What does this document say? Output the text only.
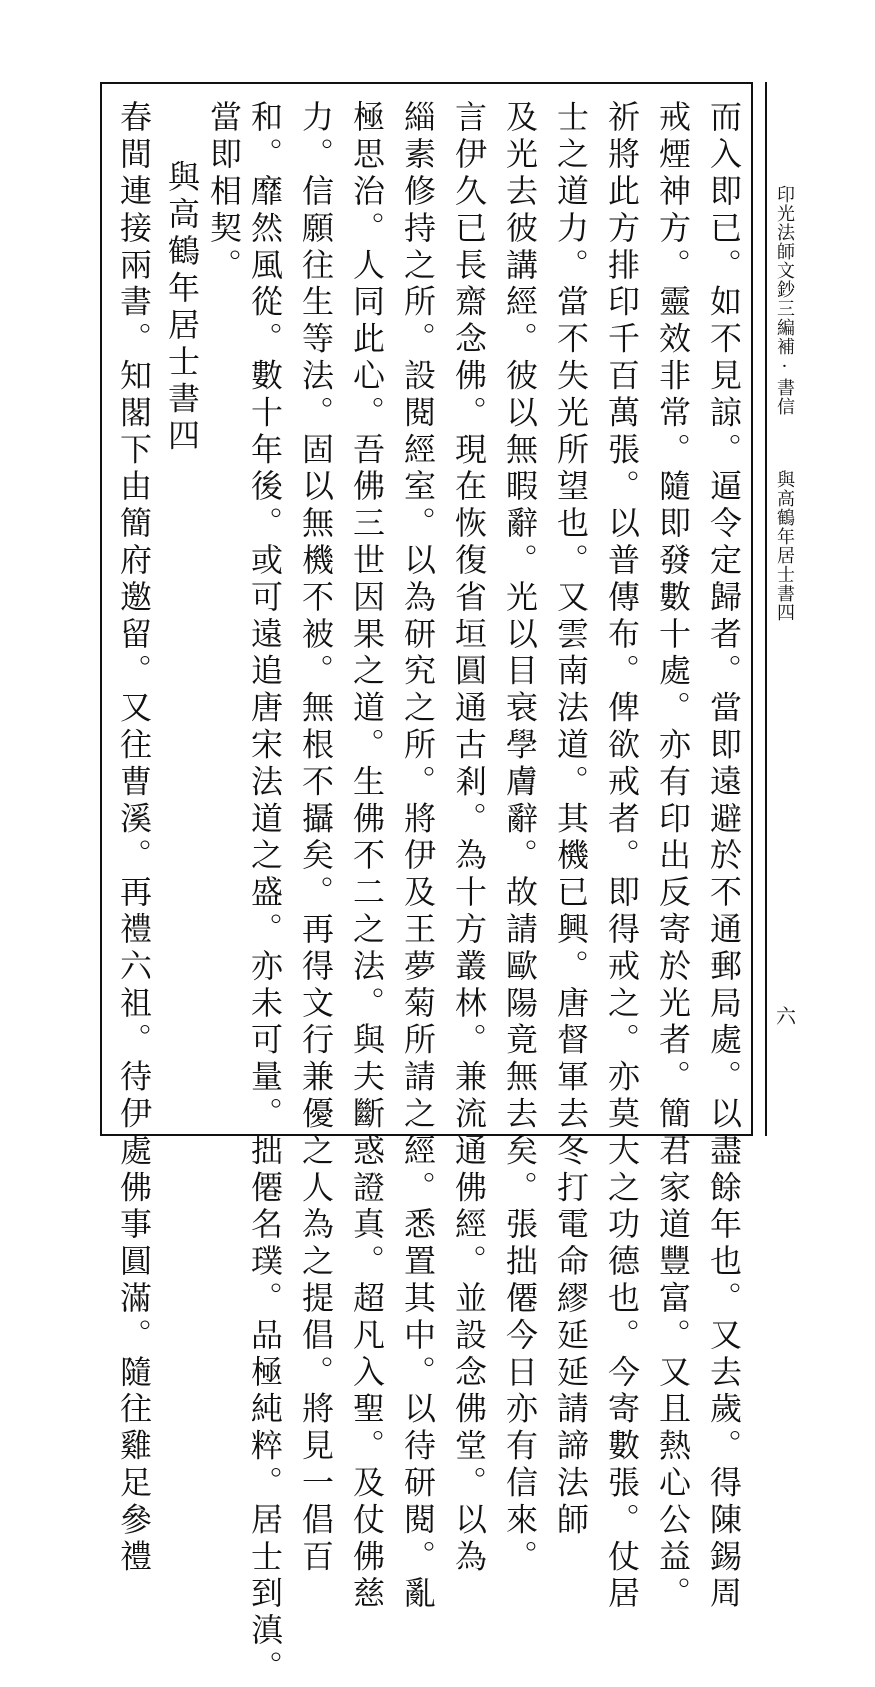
印光法師文鈔三編補·書信
與高鶴年居士書四
六
而入即已。如不見諒。逼令定歸者。當即遠避於不通郵局處。以盡餘年也。又去歲。得陳錫周
戒煙神方。靈效非常。隨即發數十處。亦有印出反寄於光者。簡君家道豐富。又且熱心公益。
祈將此方排印千百萬張。以普傳布。俾欲戒者。即得戒之。亦莫大之功德也。今寄數張。仗居
士之道力。當不失光所望也。又雲南法道。其機已興。唐督軍去冬打電命繆延延請諦法師
及光去彼講經。彼以無暇辭。光以目衰學膚辭。故請歐陽竟無去矣。張拙僊今日亦有信來。
言伊久已長齋念佛。現在恢復省垣圓通古剎。為十方叢林。兼流通佛經。並設念佛堂。以為
緇素修持之所。設閱經室。以為研究之所。將伊及王夢菊所請之經。悉置其中。以待研閱。亂
極思治。人同此心。吾佛三世因果之道。生佛不二之法。與夫斷惑證真。超凡入聖。及仗佛慈
力。信願往生等法。固以無機不被。無根不攝矣。再得文行兼優之人為之提倡。將見一倡百
和。靡然風從。數十年後。或可遠追唐宋法道之盛。亦未可量。拙僊名璞。品極純粹。居士到滇。
當即相契。
與高鶴年居士書四
春間連接兩書。知閣下由簡府邀留。又往曹溪。再禮六祖。待伊處佛事圓滿。隨往雞足參禮
